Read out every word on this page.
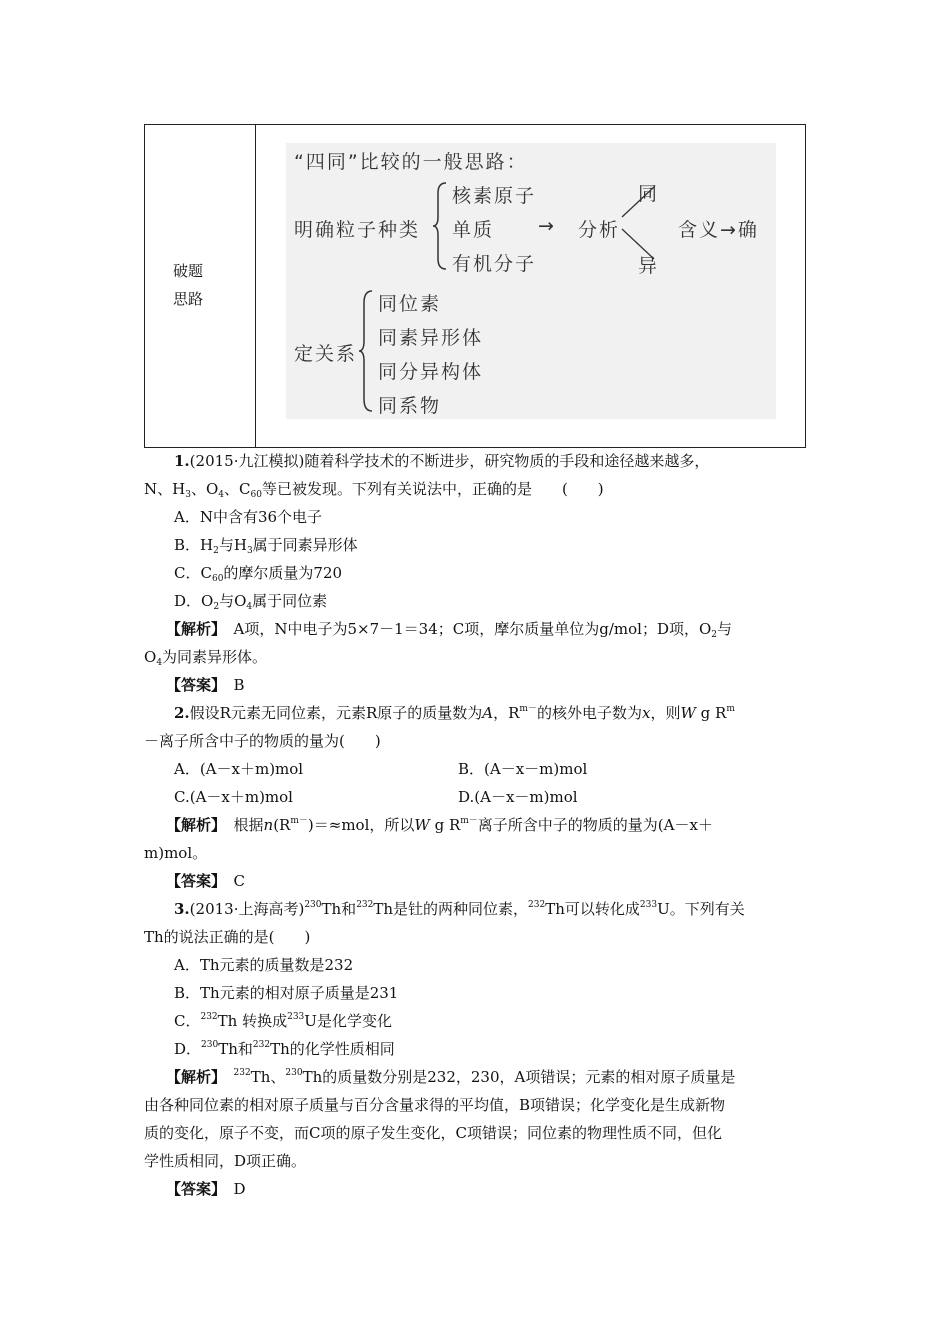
破题
思路
“四同”比较的一般思路：
明确粒子种类
核素原子
单质
有机分子
→ 分析
同
异
含义→确
定关系
同位素
同素异形体
同分异构体
同系物
1.(2015·九江模拟)随着科学技术的不断进步，研究物质的手段和途径越来越多，
N、$H_3$、$O_4$、$C_{60}$等已被发现。下列有关说法中，正确的是　　(　　)
A．N中含有36个电子
B．$H_2$与$H_3$属于同素异形体
C．$C_{60}$的摩尔质量为720
D．$O_2$与$O_4$属于同位素
【解析】　A项，N中电子为5×7－1＝34；C项，摩尔质量单位为g/mol；D项，$O_2$与
$O_4$为同素异形体。
【答案】　B
2.假设R元素无同位素，元素R原子的质量数为A，$R^{m-}$的核外电子数为x，则W g $R^m$
－离子所含中子的物质的量为(　　)
A．(A－x＋m)mol	B．(A－x－m)mol
C.(A－x＋m)mol	D.(A－x－m)mol
【解析】　根据$n(R^{m-})=\approx mol$，所以W g $R^{m-}$离子所含中子的物质的量为(A－x＋
m)mol。
【答案】　C
3.(2013·上海高考)$^{230}$Th和$^{232}$Th是钍的两种同位素，$^{232}$Th可以转化成$^{233}$U。下列有关
Th的说法正确的是(　　)
A．Th元素的质量数是232
B．Th元素的相对原子质量是231
C．$^{232}$Th 转换成$^{233}$U是化学变化
D．$^{230}$Th和$^{232}$Th的化学性质相同
【解析】　 $^{232}$Th、$^{230}$Th的质量数分别是232，230，A项错误；元素的相对原子质量是
由各种同位素的相对原子质量与百分含量求得的平均值，B项错误；化学变化是生成新物
质的变化，原子不变，而C项的原子发生变化，C项错误；同位素的物理性质不同，但化
学性质相同，D项正确。
【答案】　D
